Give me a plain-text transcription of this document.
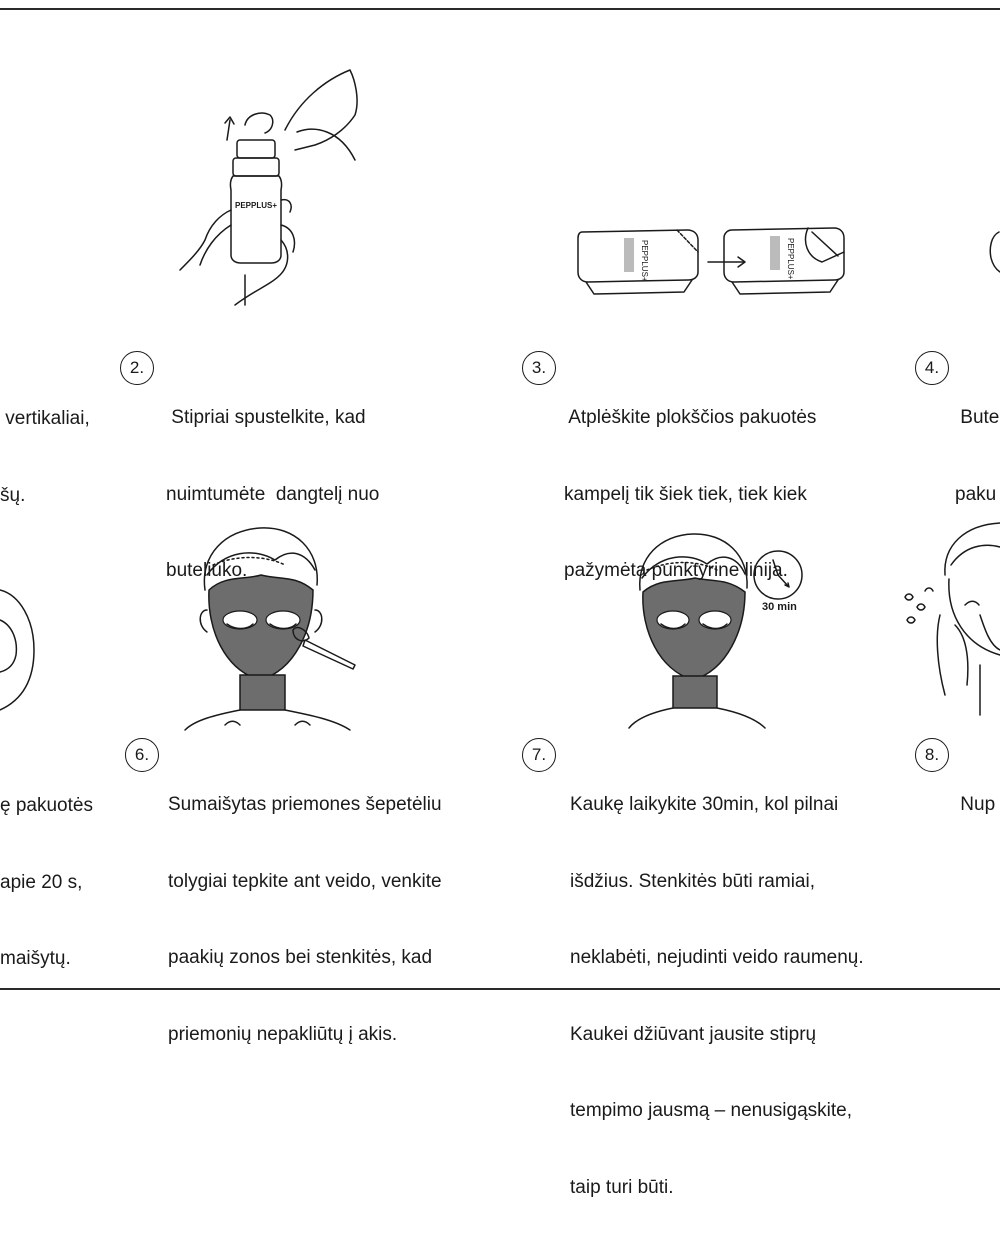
PEPPLUS+
PEPPLUS+	PEPPLUS+
30 min

vertikaliai,

šų.

2.

Stipriai spustelkite, kad

nuimtumėte  dangtelį nuo

buteliuko.

3.

Atplėškite plokščios pakuotės

kampelį tik šiek tiek, tiek kiek

pažymėta punktyrine linija.

4.

Bute

paku

ę pakuotės

apie 20 s,

maišytų.

6.

Sumaišytas priemones šepetėliu

tolygiai tepkite ant veido, venkite

paakių zonos bei stenkitės, kad

priemonių nepakliūtų į akis.

7.

Kaukę laikykite 30min, kol pilnai

išdžius. Stenkitės būti ramiai,

neklabėti, nejudinti veido raumenų.

Kaukei džiūvant jausite stiprų

tempimo jausmą – nenusigąskite,

taip turi būti.

8.

Nup
